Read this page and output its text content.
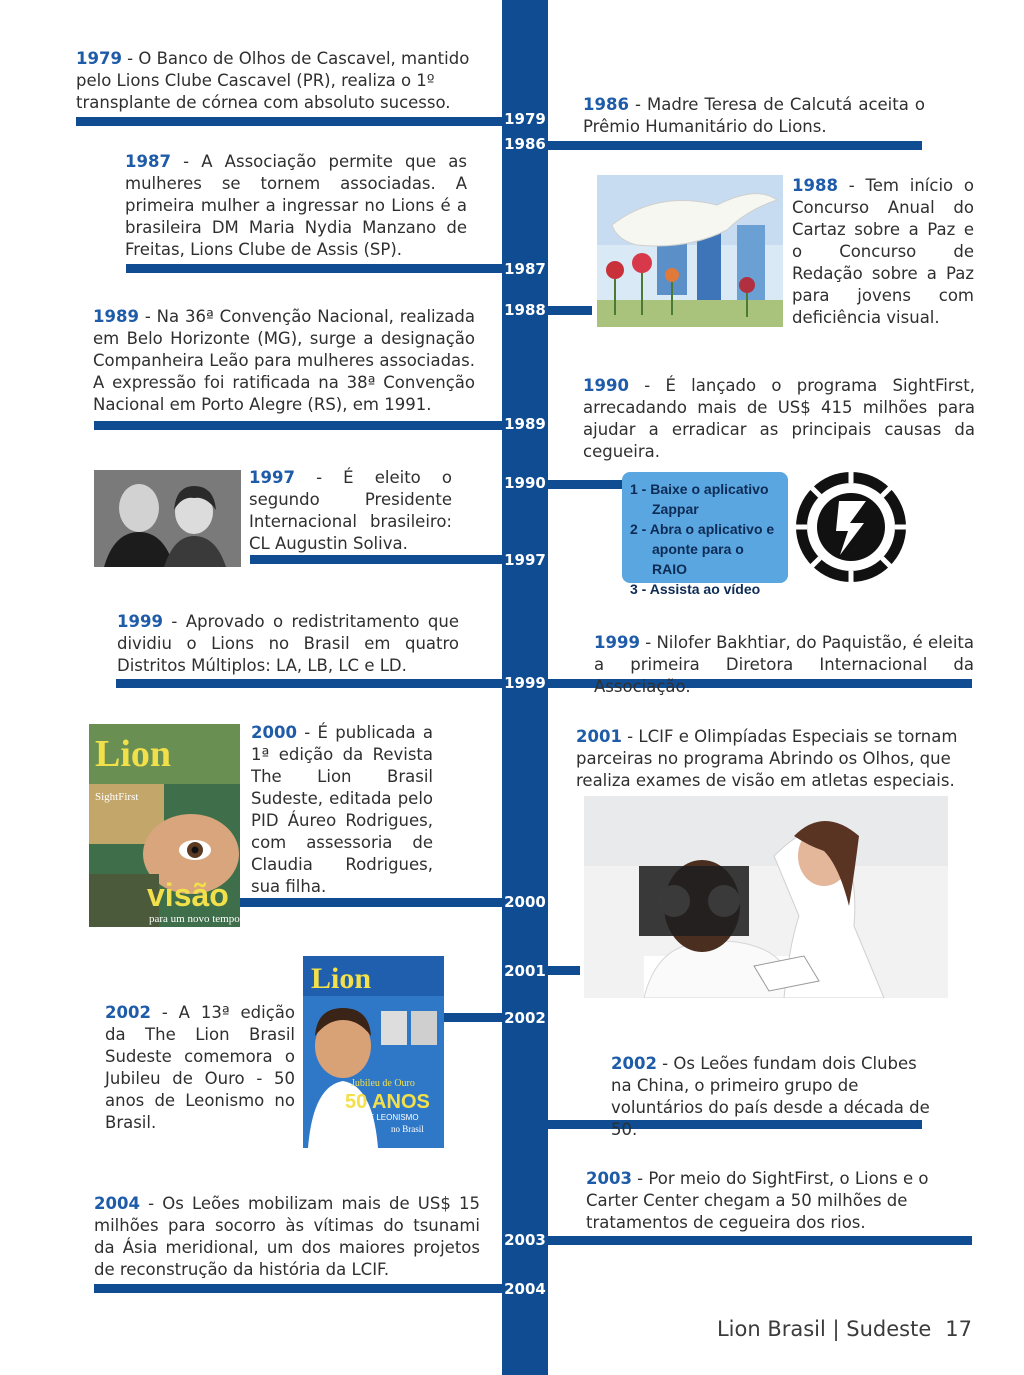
1979
1986
1987
1988
1989
1990
1997
1999
2000
2001
2002
2003
2004
1979 - O Banco de Olhos de Cascavel, mantido pelo Lions Clube Cascavel (PR), realiza o 1º transplante de córnea com absoluto sucesso.	1986 - Madre Teresa de Calcutá aceita o Prêmio Humanitário do Lions.
1987 - A Associação permite que as mulheres se tornem associadas. A primeira mulher a ingressar no Lions é a brasileira DM Maria Nydia Manzano de Freitas, Lions Clube de Assis (SP).
1988 - Tem início o Concurso Anual do Cartaz sobre a Paz e o Concurso de Redação sobre a Paz para jovens com deficiência visual.
1989 - Na 36ª Convenção Nacional, realizada em Belo Horizonte (MG), surge a designação Companheira Leão para mulheres associadas. A expressão foi ratificada na 38ª Convenção Nacional em Porto Alegre (RS), em 1991.
1990 - É lançado o programa SightFirst, arrecadando mais de US$ 415 milhões para ajudar a erradicar as principais causas da cegueira.
1997 - É eleito o segundo Presidente Internacional brasileiro: CL Augustin Soliva.
1999 - Aprovado o redistritamento que dividiu o Lions no Brasil em quatro Distritos Múltiplos: LA, LB, LC e LD.
1999 - Nilofer Bakhtiar, do Paquistão, é eleita a primeira Diretora Internacional da Associação.
2000 - É publicada a 1ª edição da Revista The Lion Brasil Sudeste, editada pelo PID Áureo Rodrigues, com assessoria de Claudia Rodrigues, sua filha.
2001 - LCIF e Olimpíadas Especiais se tornam parceiras no programa Abrindo os Olhos, que realiza exames de visão em atletas especiais.
2002 - A 13ª edição da The Lion Brasil Sudeste comemora o Jubileu de Ouro - 50 anos de Leonismo no Brasil.
2002 - Os Leões fundam dois Clubes na China, o primeiro grupo de voluntários do país desde a década de 50.
2003 - Por meio do SightFirst, o Lions e o Carter Center chegam a 50 milhões de tratamentos de cegueira dos rios.
2004 - Os Leões mobilizam mais de US$ 15 milhões para socorro às vítimas do tsunami da Ásia meridional, um dos maiores projetos de reconstrução da história da LCIF.
1 - Baixe o aplicativo
Zappar
2 - Abra o aplicativo e
aponte para o RAIO
3 - Assista ao vídeo
Lion
SightFirst
visão
para um novo tempo
Lion
Jubileu de Ouro
50 ANOS
DE LEONISMO
no Brasil
Lion Brasil | Sudeste 17
